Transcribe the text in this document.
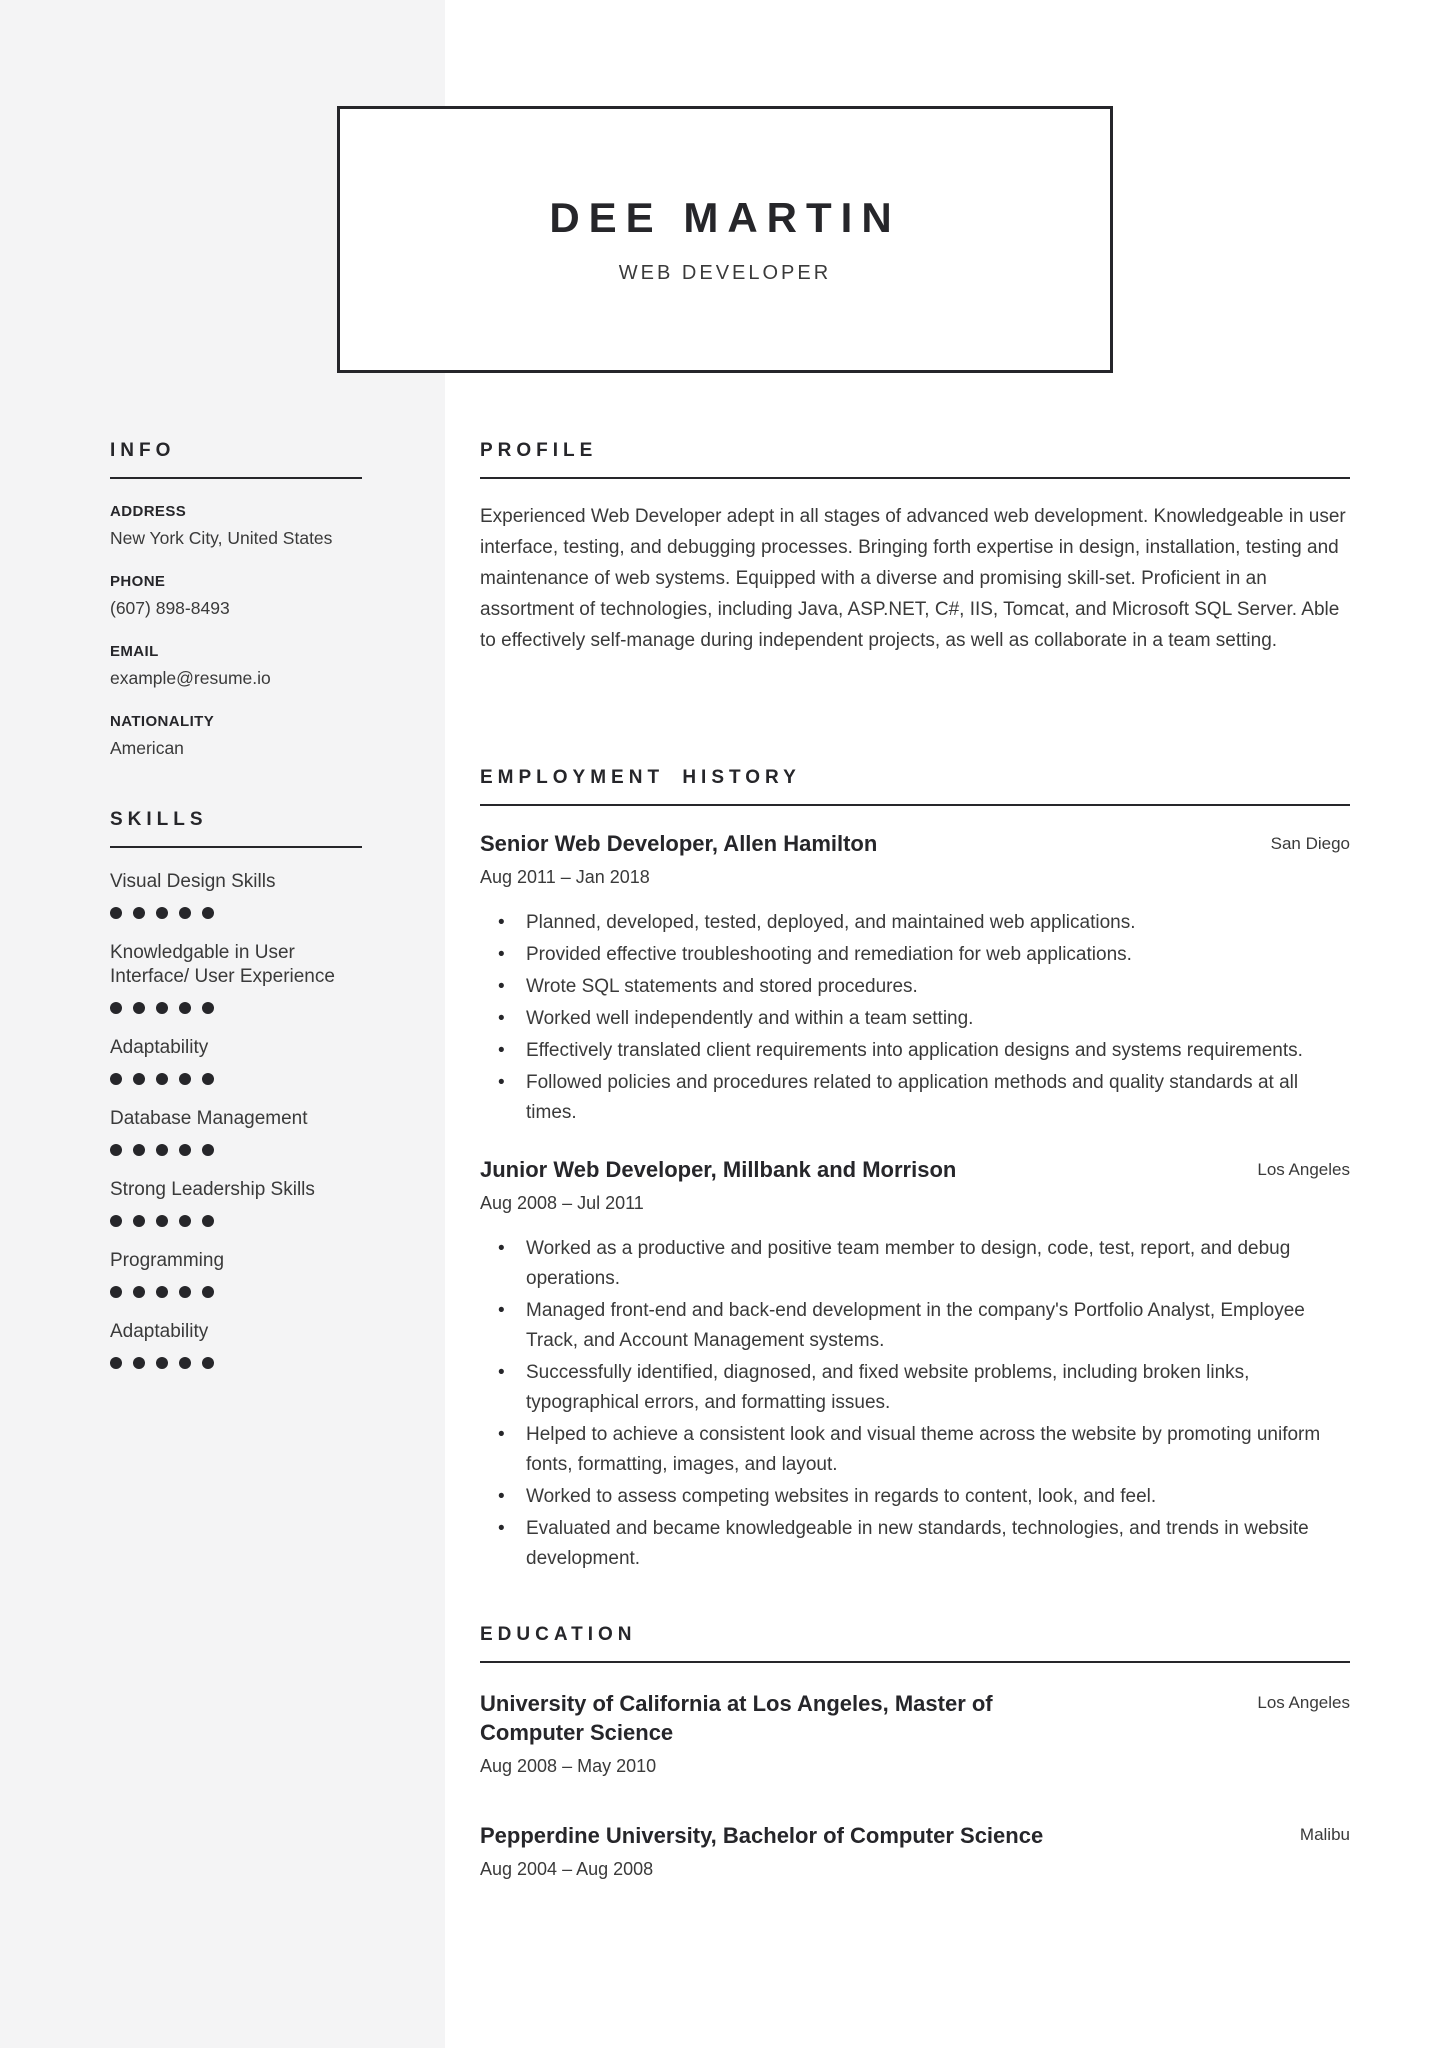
DEE MARTIN
WEB DEVELOPER
INFO
ADDRESS
New York City, United States
PHONE
(607) 898-8493
EMAIL
example@resume.io
NATIONALITY
American
SKILLS
Visual Design Skills
Knowledgable in User Interface/ User Experience
Adaptability
Database Management
Strong Leadership Skills
Programming
Adaptability
PROFILE
Experienced Web Developer adept in all stages of advanced web development. Knowledgeable in user interface, testing, and debugging processes. Bringing forth expertise in design, installation, testing and maintenance of web systems. Equipped with a diverse and promising skill-set. Proficient in an assortment of technologies, including Java, ASP.NET, C#, IIS, Tomcat, and Microsoft SQL Server. Able to effectively self-manage during independent projects, as well as collaborate in a team setting.
EMPLOYMENT HISTORY
Senior Web Developer, Allen Hamilton	San Diego
Aug 2011 – Jan 2018
• Planned, developed, tested, deployed, and maintained web applications.
• Provided effective troubleshooting and remediation for web applications.
• Wrote SQL statements and stored procedures.
• Worked well independently and within a team setting.
• Effectively translated client requirements into application designs and systems requirements.
• Followed policies and procedures related to application methods and quality standards at all times.
Junior Web Developer, Millbank and Morrison	Los Angeles
Aug 2008 – Jul 2011
• Worked as a productive and positive team member to design, code, test, report, and debug operations.
• Managed front-end and back-end development in the company's Portfolio Analyst, Employee Track, and Account Management systems.
• Successfully identified, diagnosed, and fixed website problems, including broken links, typographical errors, and formatting issues.
• Helped to achieve a consistent look and visual theme across the website by promoting uniform fonts, formatting, images, and layout.
• Worked to assess competing websites in regards to content, look, and feel.
• Evaluated and became knowledgeable in new standards, technologies, and trends in website development.
EDUCATION
University of California at Los Angeles, Master of Computer Science
Los Angeles
Aug 2008 – May 2010
Pepperdine University, Bachelor of Computer Science	Malibu
Aug 2004 – Aug 2008
